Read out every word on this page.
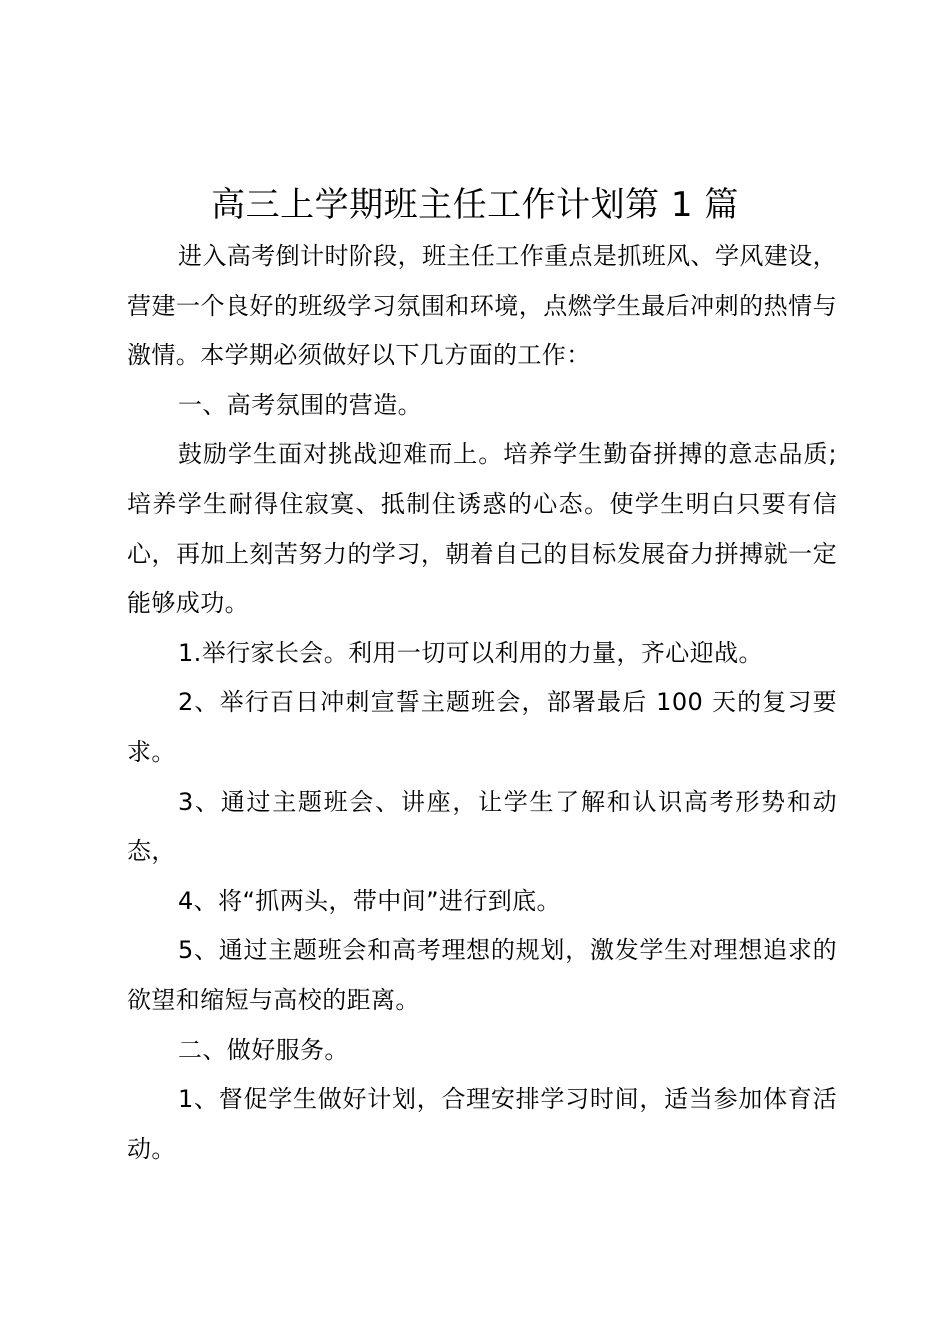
高三上学期班主任工作计划第 1 篇

进入高考倒计时阶段，班主任工作重点是抓班风、学风建设，营建一个良好的班级学习氛围和环境，点燃学生最后冲刺的热情与激情。本学期必须做好以下几方面的工作：

一、高考氛围的营造。

鼓励学生面对挑战迎难而上。培养学生勤奋拼搏的意志品质;培养学生耐得住寂寞、抵制住诱惑的心态。使学生明白只要有信心，再加上刻苦努力的学习，朝着自己的目标发展奋力拼搏就一定能够成功。

1.举行家长会。利用一切可以利用的力量，齐心迎战。

2、举行百日冲刺宣誓主题班会，部署最后 100 天的复习要求。

3、通过主题班会、讲座，让学生了解和认识高考形势和动态，

4、将“抓两头，带中间”进行到底。

5、通过主题班会和高考理想的规划，激发学生对理想追求的欲望和缩短与高校的距离。

二、做好服务。

1、督促学生做好计划，合理安排学习时间，适当参加体育活动。
